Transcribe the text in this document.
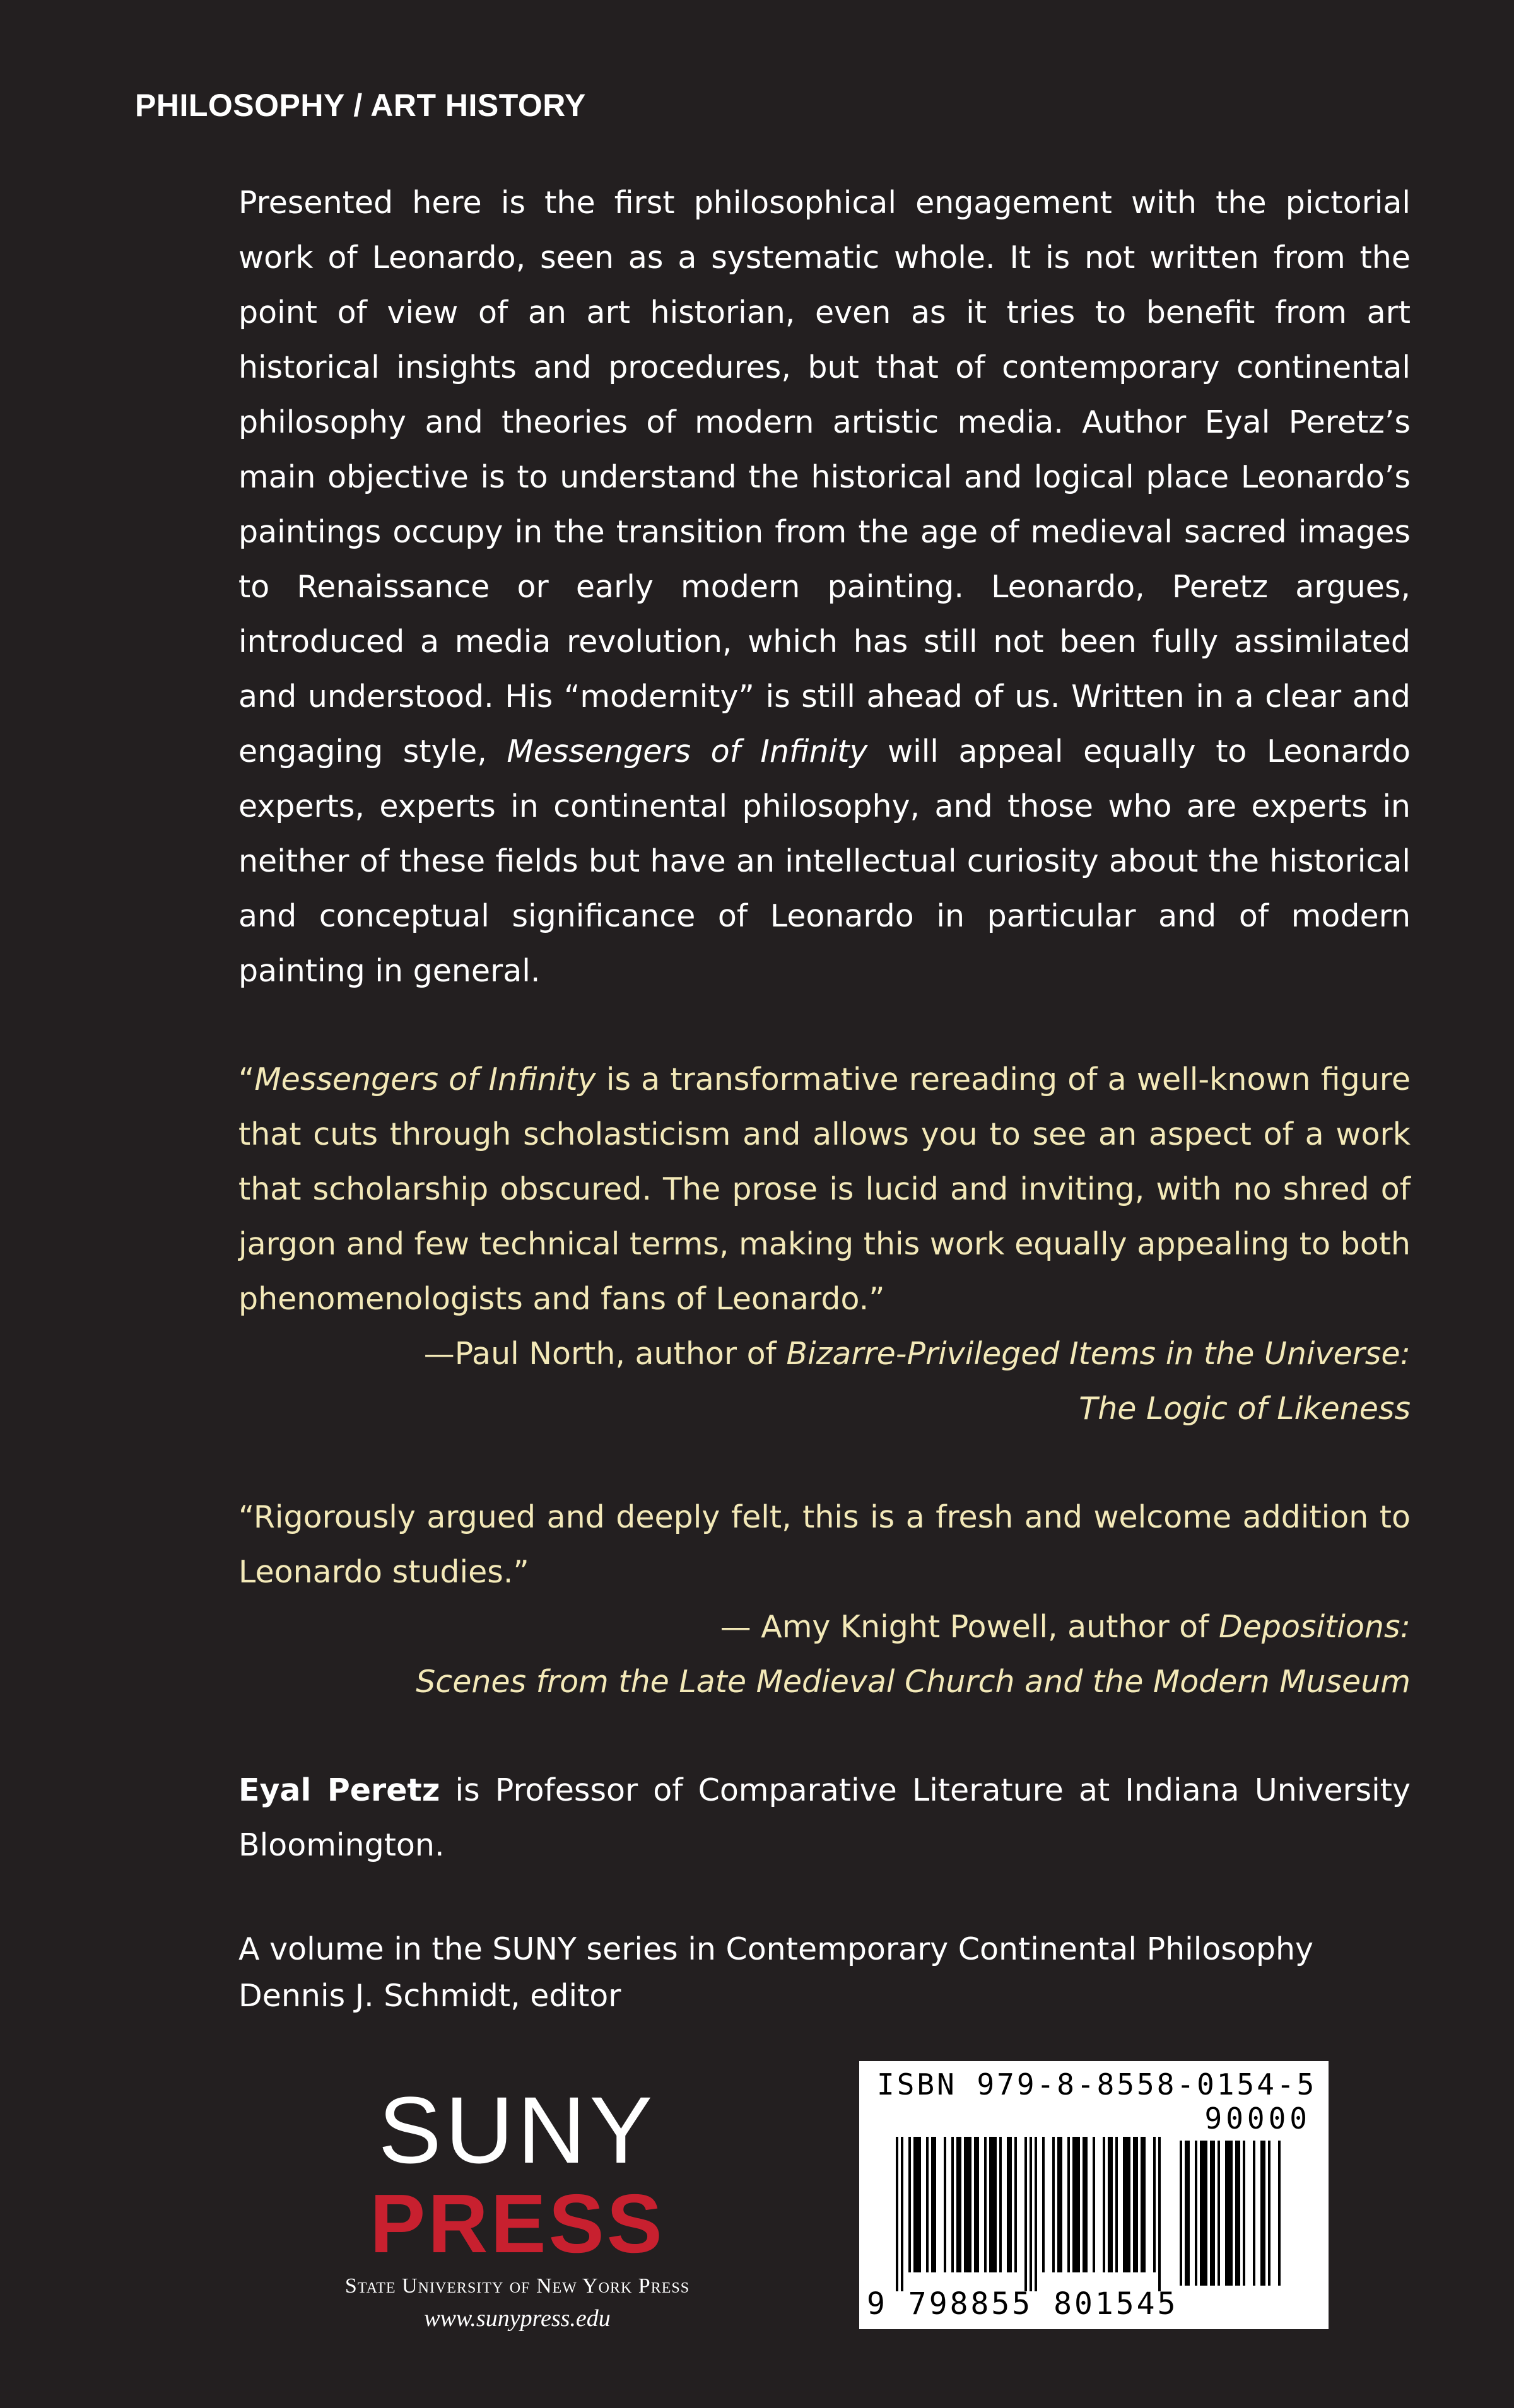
PHILOSOPHY / ART HISTORY

Presented here is the first philosophical engagement with the pictorial work of Leonardo, seen as a systematic whole. It is not written from the point of view of an art historian, even as it tries to benefit from art historical insights and procedures, but that of contemporary continental philosophy and theories of modern artistic media. Author Eyal Peretz’s main objective is to understand the historical and logical place Leonardo’s paintings occupy in the transition from the age of medieval sacred images to Renaissance or early modern painting. Leonardo, Peretz argues, introduced a media revolution, which has still not been fully assimilated and understood. His “modernity” is still ahead of us. Written in a clear and engaging style, Messengers of Infinity will appeal equally to Leonardo experts, experts in continental philosophy, and those who are experts in neither of these fields but have an intellectual curiosity about the historical and conceptual significance of Leonardo in particular and of modern painting in general.

“Messengers of Infinity is a transformative rereading of a well-known figure that cuts through scholasticism and allows you to see an aspect of a work that scholarship obscured. The prose is lucid and inviting, with no shred of jargon and few technical terms, making this work equally appealing to both phenomenologists and fans of Leonardo.”

—Paul North, author of Bizarre-Privileged Items in the Universe:

The Logic of Likeness

“Rigorously argued and deeply felt, this is a fresh and welcome addition to Leonardo studies.”

— Amy Knight Powell, author of Depositions:

Scenes from the Late Medieval Church and the Modern Museum

Eyal Peretz is Professor of Comparative Literature at Indiana University Bloomington.

A volume in the SUNY series in Contemporary Continental Philosophy
Dennis J. Schmidt, editor
SUNY
PRESS
State University of New York Press
www.sunypress.edu
ISBN 979-8-8558-0154-5
90000
9 798855 801545
